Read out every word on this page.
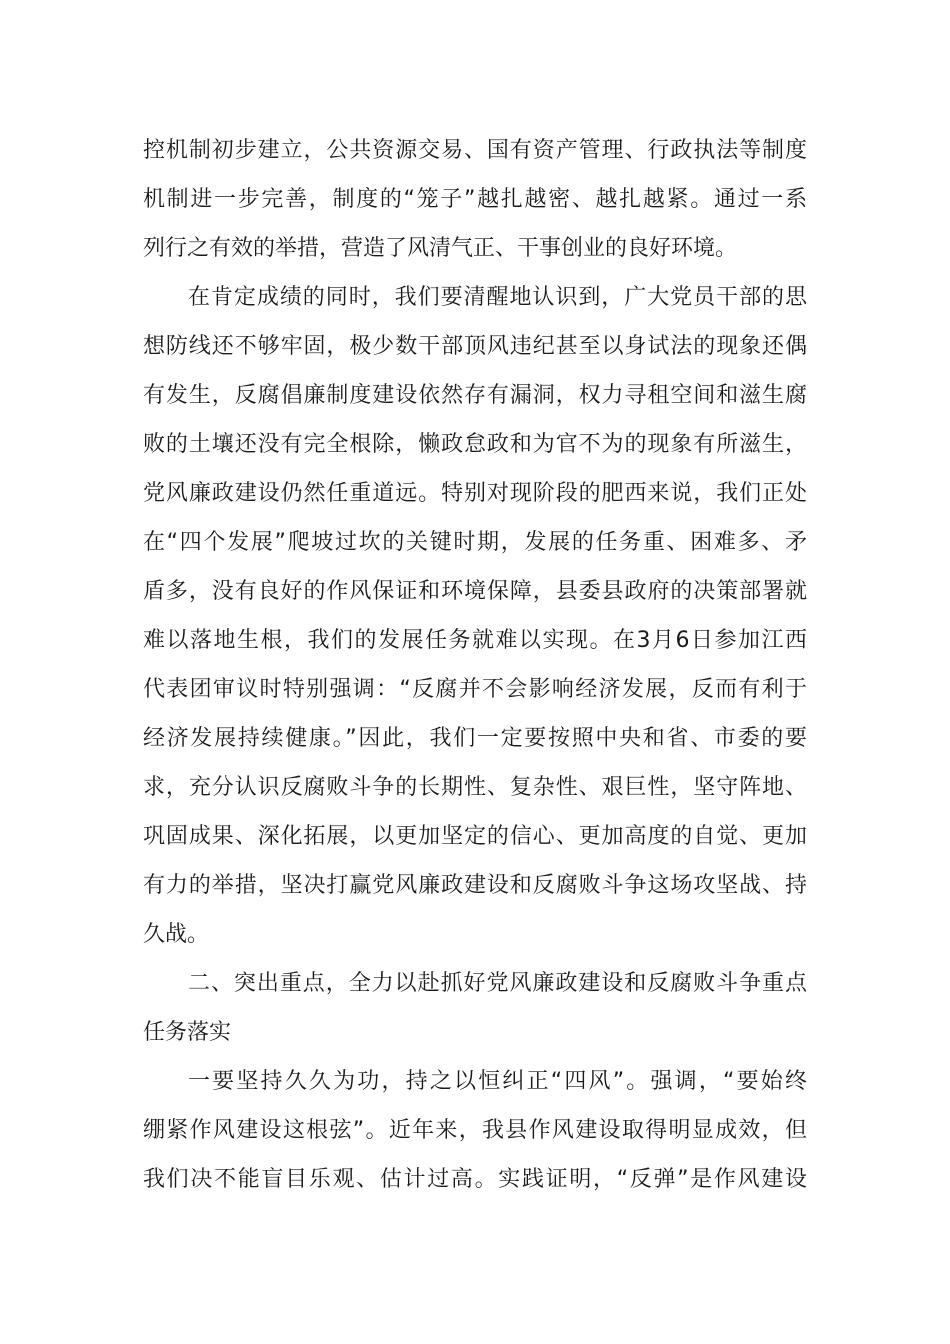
控机制初步建立，公共资源交易、国有资产管理、行政执法等制度
机制进一步完善，制度的“笼子”越扎越密、越扎越紧。通过一系
列行之有效的举措，营造了风清气正、干事创业的良好环境。
在肯定成绩的同时，我们要清醒地认识到，广大党员干部的思
想防线还不够牢固，极少数干部顶风违纪甚至以身试法的现象还偶
有发生，反腐倡廉制度建设依然存有漏洞，权力寻租空间和滋生腐
败的土壤还没有完全根除，懒政怠政和为官不为的现象有所滋生，
党风廉政建设仍然任重道远。特别对现阶段的肥西来说，我们正处
在“四个发展”爬坡过坎的关键时期，发展的任务重、困难多、矛
盾多，没有良好的作风保证和环境保障，县委县政府的决策部署就
难以落地生根，我们的发展任务就难以实现。在3月6日参加江西
代表团审议时特别强调：“反腐并不会影响经济发展，反而有利于
经济发展持续健康。”因此，我们一定要按照中央和省、市委的要
求，充分认识反腐败斗争的长期性、复杂性、艰巨性，坚守阵地、
巩固成果、深化拓展，以更加坚定的信心、更加高度的自觉、更加
有力的举措，坚决打赢党风廉政建设和反腐败斗争这场攻坚战、持
久战。
二、突出重点，全力以赴抓好党风廉政建设和反腐败斗争重点
任务落实
一要坚持久久为功，持之以恒纠正“四风”。强调，“要始终
绷紧作风建设这根弦”。近年来，我县作风建设取得明显成效，但
我们决不能盲目乐观、估计过高。实践证明，“反弹”是作风建设
